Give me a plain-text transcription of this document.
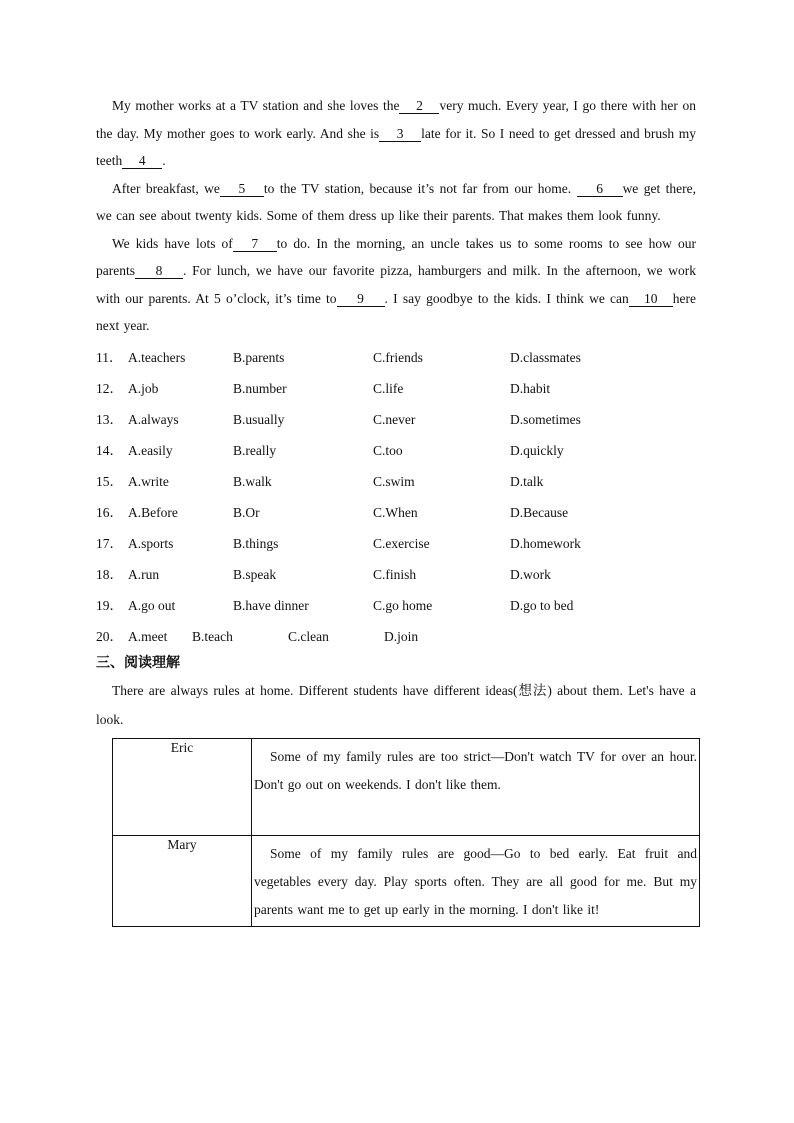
My mother works at a TV station and she loves the 2 very much. Every year, I go there with her on the day. My mother goes to work early. And she is 3 late for it. So I need to get dressed and brush my teeth 4 .

After breakfast, we 5 to the TV station, because it’s not far from our home. 6 we get there, we can see about twenty kids. Some of them dress up like their parents. That makes them look funny.

We kids have lots of 7 to do. In the morning, an uncle takes us to some rooms to see how our parents 8 . For lunch, we have our favorite pizza, hamburgers and milk. In the afternoon, we work with our parents. At 5 o’clock, it’s time to 9 . I say goodbye to the kids. I think we can 10 here next year.

11． A.teachers	B.parents	C.friends	D.classmates
12． A.job	B.number	C.life	D.habit
13． A.always	B.usually	C.never	D.sometimes
14． A.easily	B.really	C.too	D.quickly
15． A.write	B.walk	C.swim	D.talk
16． A.Before	B.Or	C.When	D.Because
17． A.sports	B.things	C.exercise	D.homework
18． A.run	B.speak	C.finish	D.work
19． A.go out	B.have dinner	C.go home	D.go to bed
20． A.meet B.teach	C.clean	D.join
三、阅读理解

There are always rules at home. Different students have different ideas(想法) about them. Let's have a look.

Eric	Some of my family rules are too strict—Don't watch TV for over an hour. Don't go out on weekends. I don't like them.
Mary	Some of my family rules are good—Go to bed early. Eat fruit and vegetables every day. Play sports often. They are all good for me. But my parents want me to get up early in the morning. I don't like it!
